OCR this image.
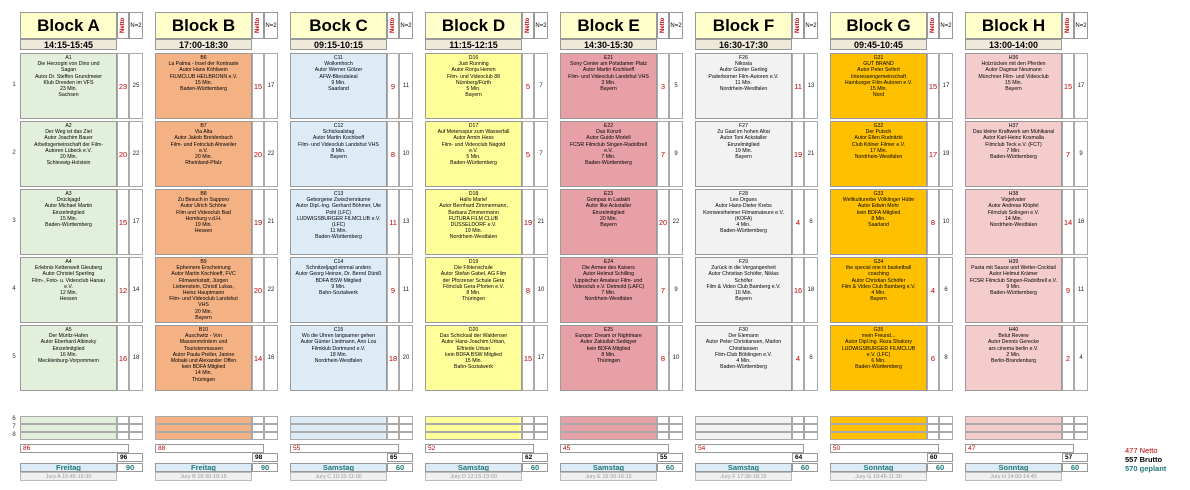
1
2
3
4
5
6
7
8
Block A	Netto N=2
14:15-15:45
A1
Die Herzogin von Dino und
Sagan
Autor Dr. Steffen Grundmeier
Klub Dresden im VFS
23 Min.
Sachsen
23 25
A2
Der Weg ist das Ziel
Autor Joachim Bauer
Arbeitsgemeinschaft der Film-
Autoren Lübeck e.V.
20 Min.
Schleswig-Holstein
20 22
A3
Drückjagd
Autor Michael Martin
Einzelmitglied
15 Min.
Baden-Württemberg	15 17
A4
Erlebnis Kettenwelt Gleuberg
Autor Christel Sperling
Film-, Foto- u. Videoclub Hanau
e.V.
12 Min.
Hessen
12 14
A5
Der Müritz-Hafen
Autor Eberhard Albinsky
Einzelmitglied
16 Min.
Mecklenburg-Vorpommern	16 18
86
96
Freitag	90
Jury A 15:45-16:30
Block B	Netto N=2
17:00-18:30
B6
La Palma - Insel der Kontraste
Autor Hans Köhlwein
FILMCLUB HEILBRONN e.V.
15 Min.
Baden-Württemberg	15 17
B7
Via Alta
Autor Jakob Breidenbach
Film- und Fotoclub Ahrweiler
e.V.
20 Min.
Rheinland-Pfalz
20 22
B8
Zu Besuch in Sapporo
Autor Ulrich Schöne
Film und Videoclub Bad
Homburg v.d.H.
19 Min.
Hessen
19 21
B9
Ephemere Erscheinung
Autor Martin Kochloeff, FVC
Filmwerkstatt, Jürgen
Liebenstein, Christl Lukas,
Heinz Hauptmann
Film- und Videoclub Landshut
VHS
20 Min.
Bayern
20 22
B10
Auschwitz - Von
Massenmördern und
Touristenmassen
Autor Paula Preller, Janine
Mobaki und Alexander Offen
kein BDFA Mitglied
14 Min.
Thüringen
14 16
88
98
Freitag	90
Jury B 18:30-19:15
Bock C	Netto N=2
09:15-10:15
C11
Wolkenhoch
Autor Werner Gölzer
AFW-Bliesdaleal
9 Min.
Saarland	9	11
C12
Schicksalstag
Autor Martin Kochloeff
Film- und Videoclub Landshut VHS
8 Min.
Bayern	8	10
C13
Geborgene Zwischenräume
Autor Dipl.-Ing. Gerhard Böhmer, Ute
Pohl (LFC)
LUDWIGSBURGER FILMCLUB e.V.
(LFC)
11 Min.
Baden-Württemberg
11 13
C14
Schnitzeljagd einmal anders
Autor Georg Heinze, Dr. Bernd Düniß
BDFA BSW Mitglied
9 Min.
Bahn-Sozialwerk	9	11
C15
Wo die Uhren langsamer gehen
Autor Günter Liedmann, Ann Lou
Filmklub Dortmund e.V.
18 Min.
Nordrhein-Westfalen	18 20
55
65
Samstag	60
Jury C 10:15-11:00
Block D	Netto N=2
11:15-12:15
D16
Just Running
Autor Ronja Hemm
Film- und Videoclub 88
Nürnberg/Fürth
5 Min.
Bayern
5	7
D17
Auf Metersspur zum Wasserfall
Autor Armin Hess
Film- und Videoclub Nagold
e.V.
5 Min.
Baden-Württemberg
5	7
D18
Hallo Marie!
Autor Bernhard Zimmermann,
Barbara Zimmermann
FUTURA FILM CLUB
DÜSSELDORF e.V.
19 Min.
Nordrhein-Westfalen
19 21
D19
Die Flötenschule
Autor Stefan Gabel, AG Film
der Pforzener Schule Gera
Filmclub Gera-Pforten e.V.
8 Min.
Thüringen
8	10
D20
Das Schicksal der Waldenser
Autor Hans-Joachim Urban,
Elfriede Urban
kein BDFA BSW Mitglied
15 Min.
Bahn-Sozialwerk
15 17
52
62
Samstag	60
Jury D 12:15-13:00
Block E	Netto N=2
14:30-15:30
E21
Sony Center am Potsdamer Platz
Autor Martin Kochloeff
Film- und Videoclub Landshut VHS
3 Min.
Bayern	3	5
E22
Das Konzil
Autor Guido Morlell
FCSR Filmclub Singen-Radolfzell
e.V.
7 Min.
Baden-Württemberg
7	9
E23
Gompas in Ladakh
Autor Ilke Ackstaller
Einzelmitglied
20 Min.
Bayern	20 22
E24
Die Armee des Kaisers
Autor Helmut Schilling
Lippischer Amateur Film- und
Videoclub e.V. Detmold (LAFC)
7 Min.
Nordrhein-Westfalen
7	9
E25
Europe: Dream or Nightmare
Autor Zakiullah Sediqyer
kein BDFA Mitglied
8 Min.
Thüringen	8	10
45
55
Samstag	60
Jury E 15:30-16:15
Block F	Netto N=2
16:30-17:30
F26
Nikosia
Autor Günter Gerling
Paderborner Film-Autoren e.V.
11 Min.
Nordrhein-Westfalen	11 13
F27
Zu Gast im hohen Altai
Autor Toni Ackstaller
Einzelmitglied
19 Min.
Bayern	19 21
F28
Les Orgues
Autor Hans-Dieter Krebs
Kornwestheimer Filmamateure e.V.
(KOFA)
4 Min.
Baden-Württemberg
4	6
F29
Zurück in die Vergangenheit
Autor Christian Schöfer, Niklas
Schöfer
Film & Video Club Bamberg e.V.
16 Min.
Bayern
16 18
F30
Der Elemann
Autor Peter Christiansen, Marlon
Christiansen
Film-Club Böblingen e.V.
4 Min.
Baden-Württemberg
4	6
54
64
Samstag	60
Jury F 17:30-18:15
Block G	Netto N=2
09:45-10:45
G31
GUT BRAND
Autor Peter Seifert
Interessengemeinschaft
Hamburger Film-Autoren e.V.
15 Min.
Nord
15 17
G32
Der Putsch
Autor Ellen Rudnitzki
Club Kölner Filmer e.V.
17 Min.
Nordrhein-Westfalen	17 19
G33
Weltkulturerbe Völklinger Hütte
Autor Edwin Mohr
kein BDFA Mitglied
8 Min.
Saarland	8	10
G34
the special one in basketball
coaching
Autor Christian Schöfer
Film & Video Club Bamberg e.V.
4 Min.
Bayern
4	6
G35
mein Freund...
Autor Dipl.Ing. Reza Shakory
LUDWIGSBURGER FILMCLUB
e.V. (LFC)
6 Min.
Baden-Württemberg
6	8
50
60
Sonntag	60
Jury G 10:45-11:30
Block H	Netto N=2
13:00-14:00
H36
Holzrücken mit den Pferden
Autor Dagmar Neumann
Münchner Film- und Videoclub
15 Min.
Bayern	15 17
H37
Das kleine Kraftwerk am Mühlkanal
Autor Karl-Heinz Kosmalla
Filmclub Teck e.V. (FCT)
7 Min.
Baden-Württemberg	7	9
H38
Vogelvater
Autor Andreas Klöpfel
Filmclub Solingen e.V.
14 Min.
Nordrhein-Westfalen	14 16
H39
Pasta mit Sauce und Wetter-Cocktail
Autor Helmut Krämer
FCSR Filmclub Singen-Radolfzell e.V.
9 Min.
Baden-Württemberg	9	11
H40
Belut Review
Autor Dennis Gerecke
ars cinema berlin e.V.
2 Min.
Berlin-Brandenburg	2	4
47
57
Sonntag	60
Jury H 14:00-14:45
477 Netto
557 Brutto
570 geplant
